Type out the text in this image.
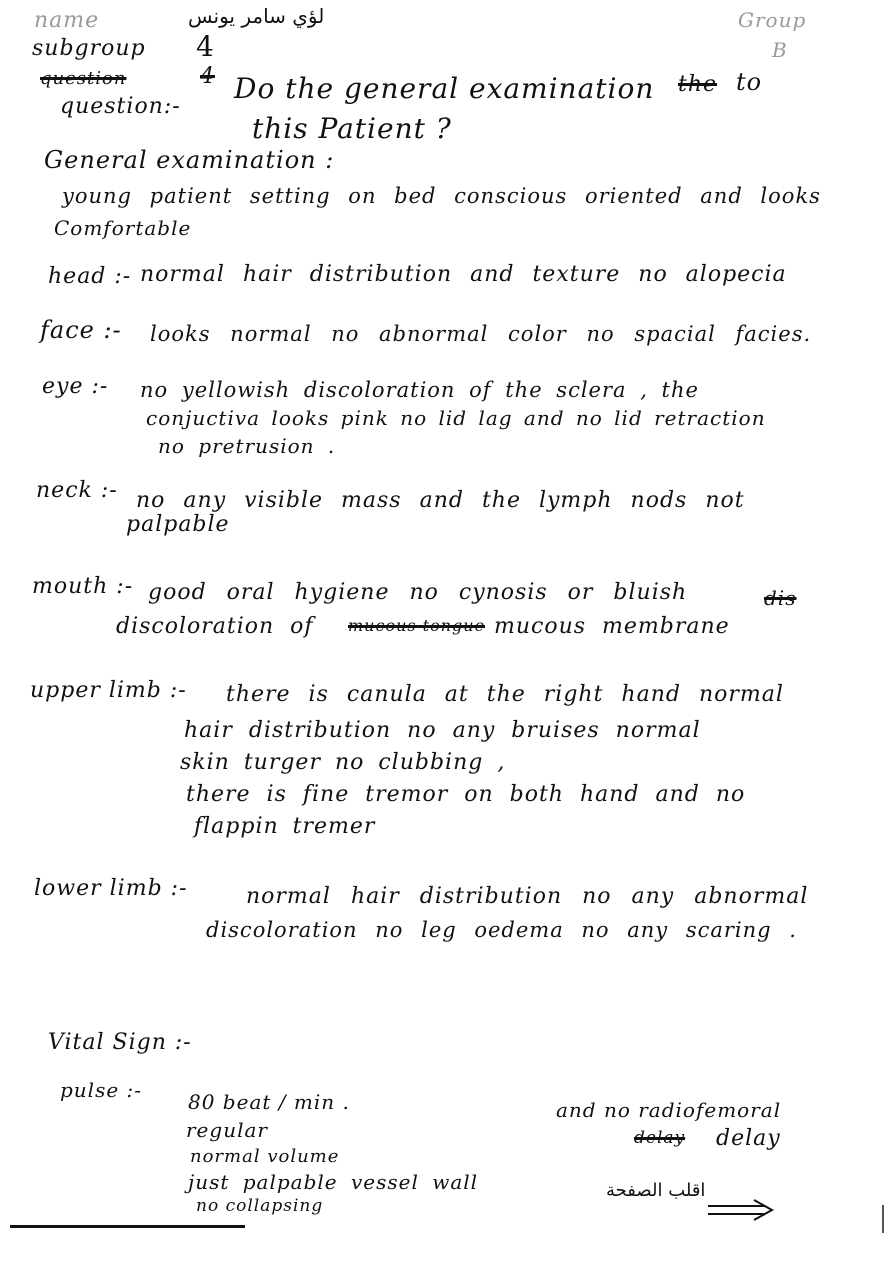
name	لؤي سامر يونس
subgroup 4
Group
B
question	4
question:-
Do the general examination the to
this Patient ?
General examination :
young patient setting on bed conscious oriented and looks
Comfortable
head :- normal hair distribution and texture no alopecia
face :- looks normal no abnormal color no spacial facies.
eye :- no yellowish discoloration of the sclera , the
conjuctiva looks pink no lid lag and no lid retraction
no pretrusion .
neck :- no any visible mass and the lymph nods not
palpable
mouth :- good oral hygiene no cynosis or bluish	dis
discoloration of mucous tongue mucous membrane
upper limb :- there is canula at the right hand normal
hair distribution no any bruises normal
skin turger no clubbing ,
there is fine tremor on both hand and no
flappin tremer
lower limb :-	normal hair distribution no any abnormal
discoloration no leg oedema no any scaring .
Vital Sign :-
pulse :- 80 beat / min .
regular
normal volume
just palpable vessel wall
no collapsing
and no radiofemoral
delay delay
اقلب الصفحة
